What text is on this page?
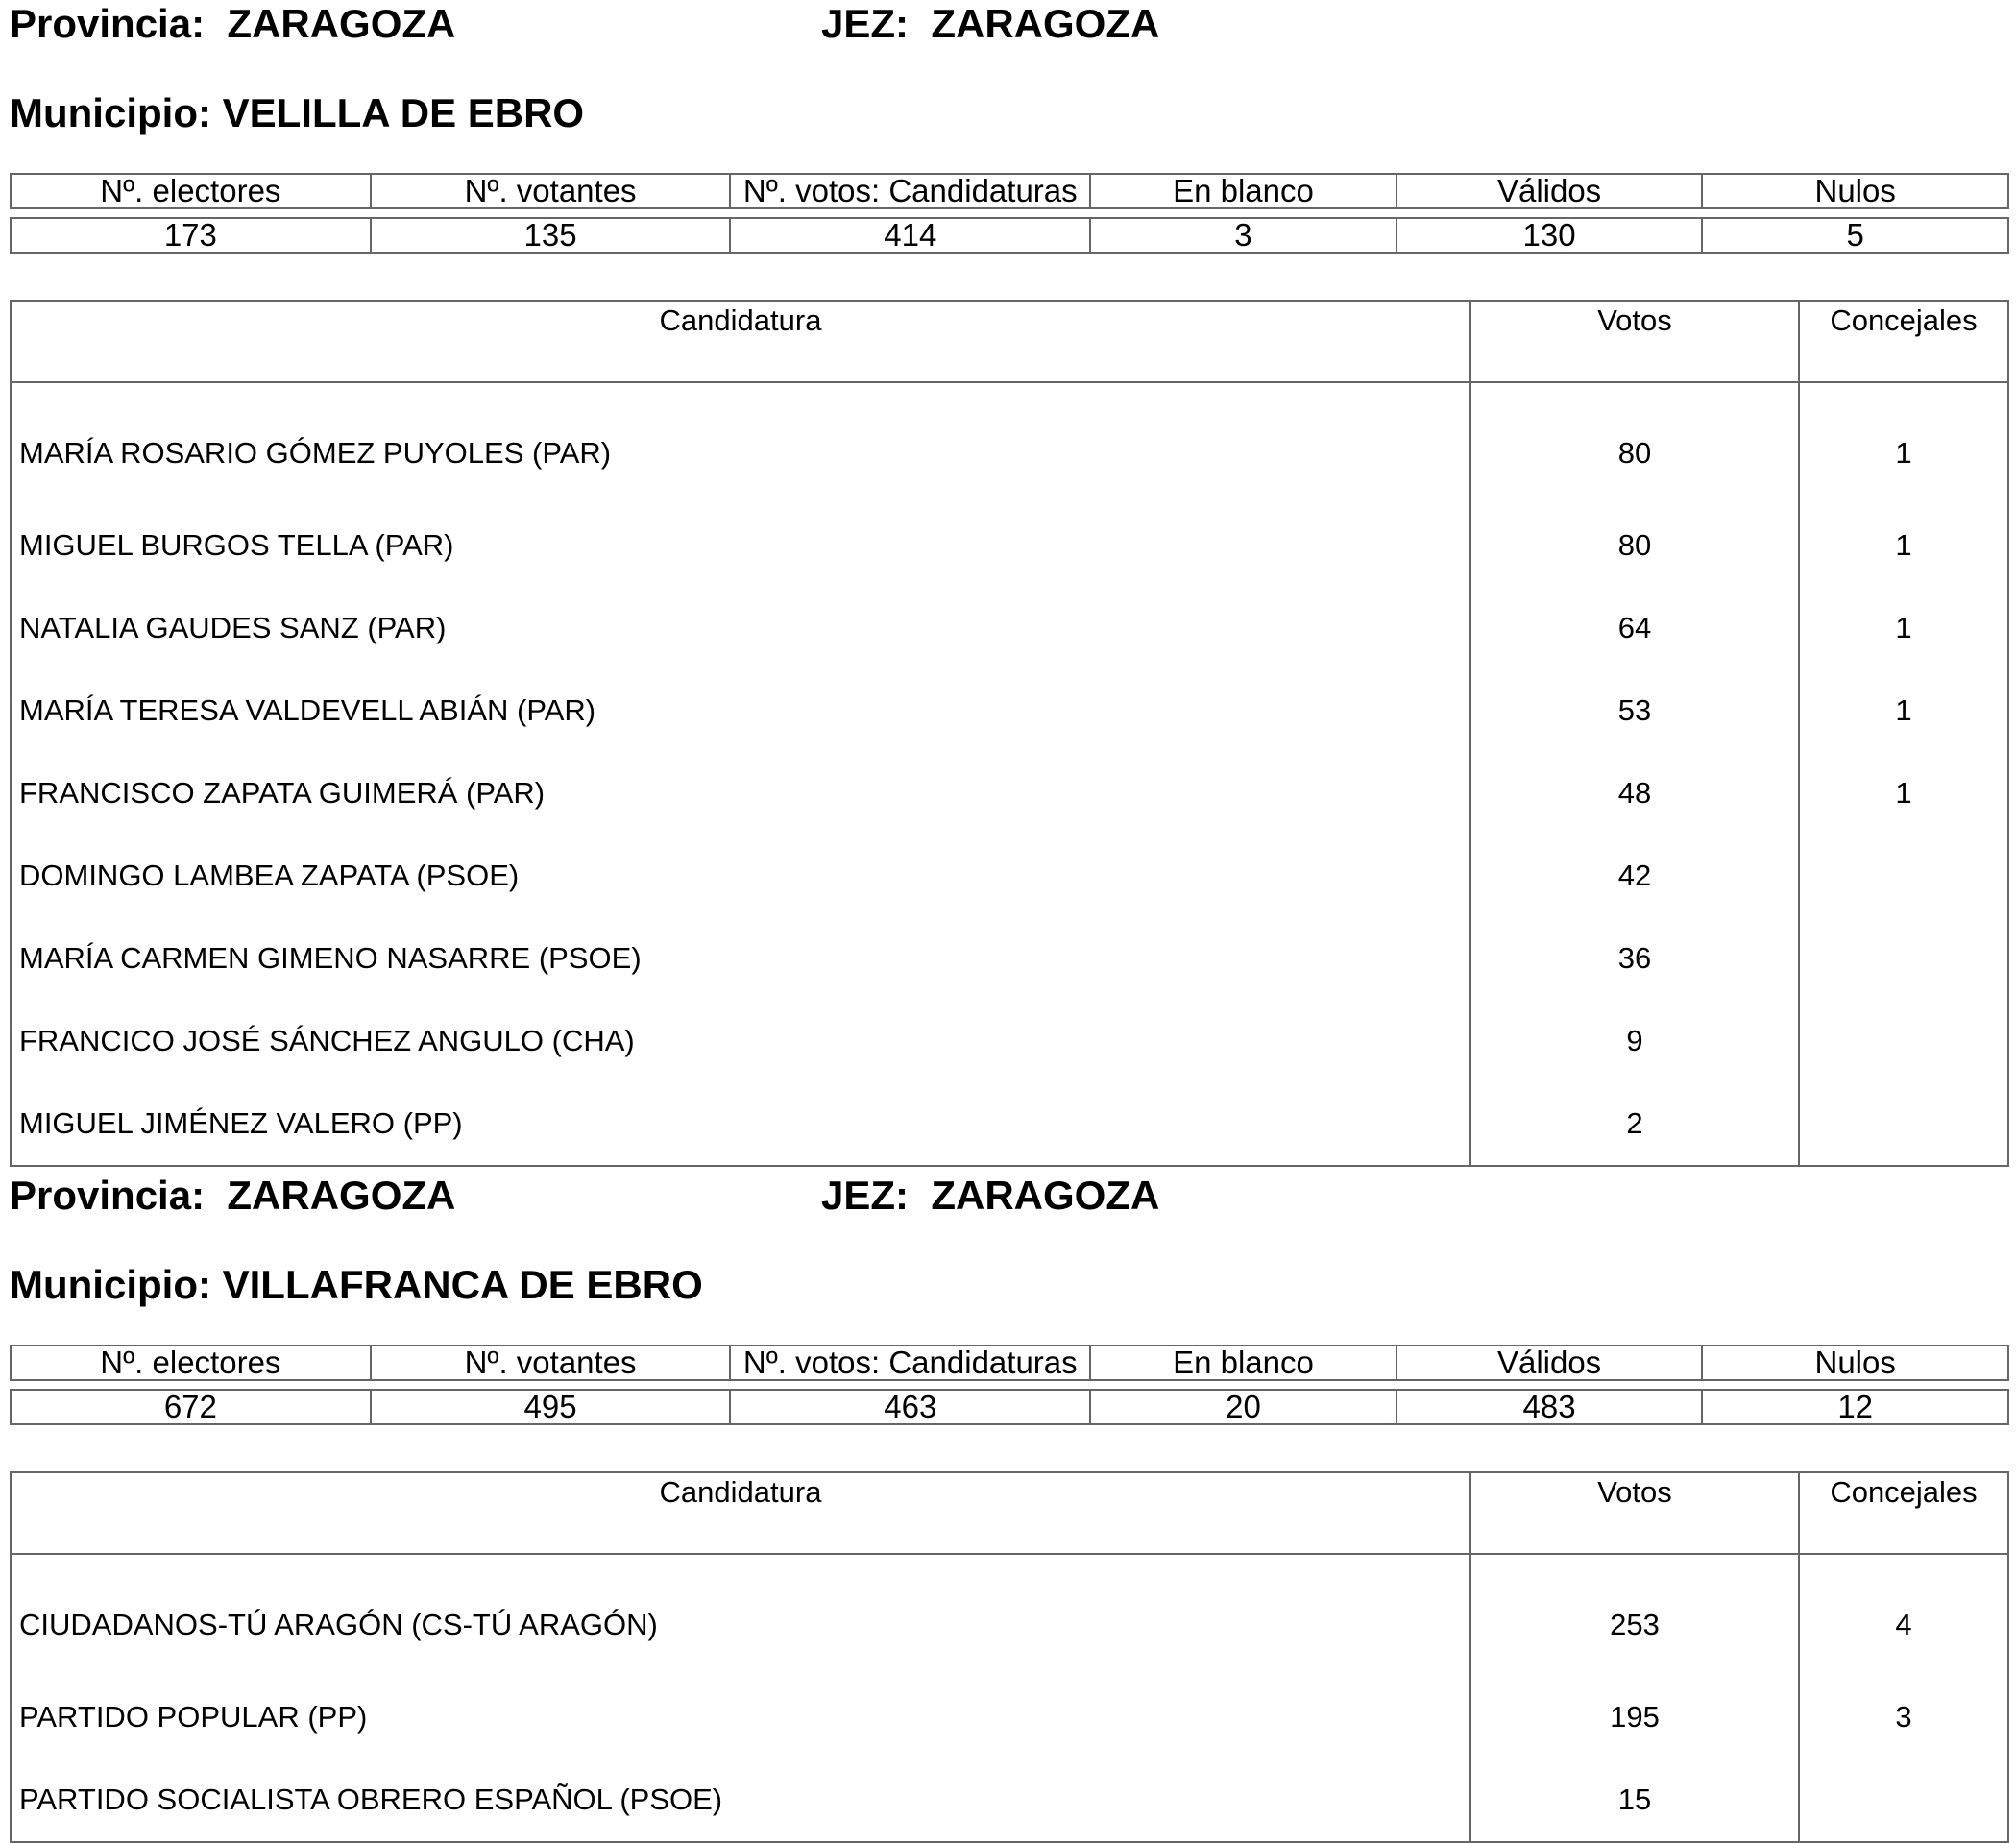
Provincia:  ZARAGOZA	JEZ:  ZARAGOZA
Municipio: VELILLA DE EBRO
Nº. electores	Nº. votantes	Nº. votos: Candidaturas	En blanco	Válidos	Nulos

173	135	414	3	130	5
Candidatura	Votos	Concejales
MARÍA ROSARIO GÓMEZ PUYOLES (PAR)	80	1
MIGUEL BURGOS TELLA (PAR)	80	1
NATALIA GAUDES SANZ (PAR)	64	1
MARÍA TERESA VALDEVELL ABIÁN (PAR)	53	1
FRANCISCO ZAPATA GUIMERÁ (PAR)	48	1
DOMINGO LAMBEA ZAPATA (PSOE)	42	
MARÍA CARMEN GIMENO NASARRE (PSOE)	36	
FRANCICO JOSÉ SÁNCHEZ ANGULO (CHA)	9	
MIGUEL JIMÉNEZ VALERO (PP)	2	
Provincia:  ZARAGOZA	JEZ:  ZARAGOZA
Municipio: VILLAFRANCA DE EBRO
Nº. electores	Nº. votantes	Nº. votos: Candidaturas	En blanco	Válidos	Nulos

672	495	463	20	483	12
Candidatura	Votos	Concejales
CIUDADANOS-TÚ ARAGÓN (CS-TÚ ARAGÓN)	253	4
PARTIDO POPULAR (PP)	195	3
PARTIDO SOCIALISTA OBRERO ESPAÑOL (PSOE)	15	
